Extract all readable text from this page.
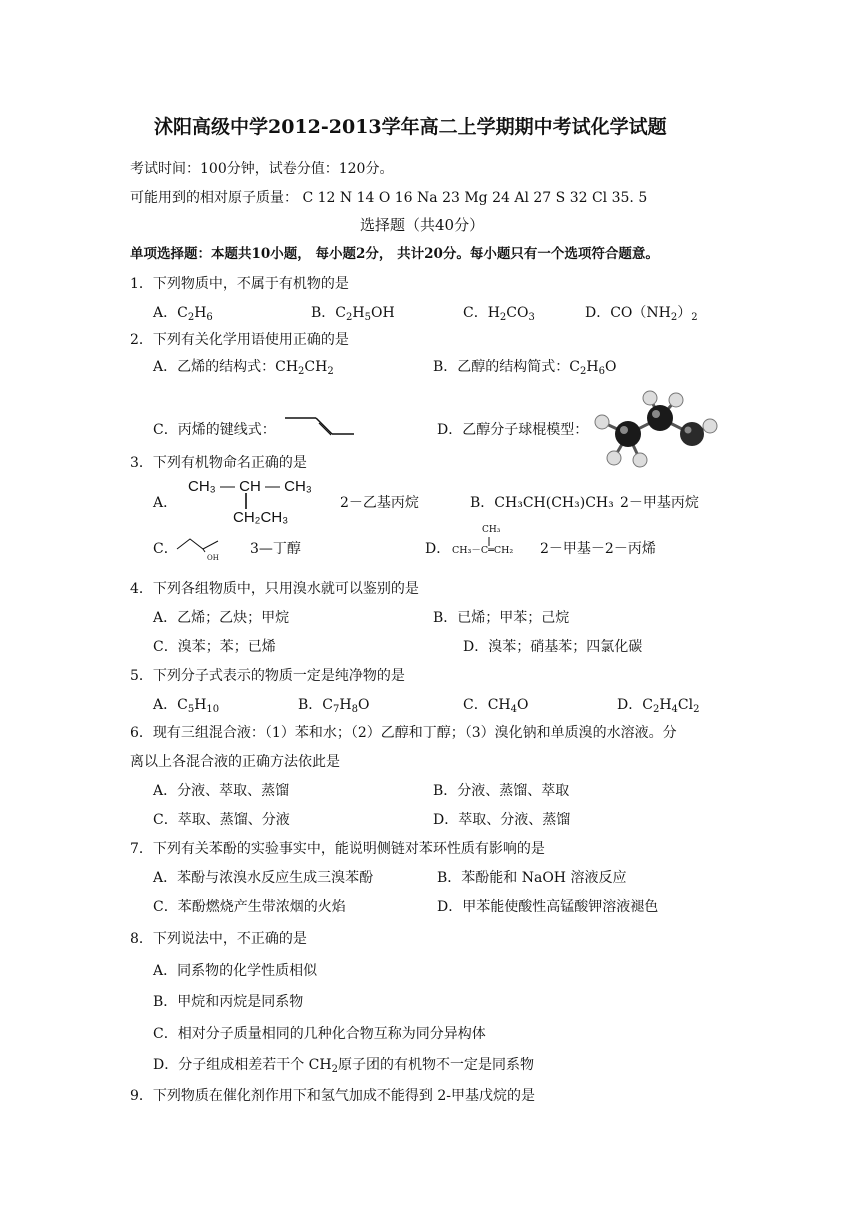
沭阳高级中学2012-2013学年高二上学期期中考试化学试题
考试时间：100分钟，试卷分值：120分。
可能用到的相对原子质量： C 12 N 14 O 16 Na 23 Mg 24 Al 27 S 32 Cl 35. 5
选择题（共40分）
单项选择题：本题共10小题， 每小题2分， 共计20分。每小题只有一个选项符合题意。
1．下列物质中，不属于有机物的是
A．$C_2H_6$	B．$C_2H_5OH$	C．$H_2CO_3$	D．$CO(NH_2)_2$
2．下列有关化学用语使用正确的是
A．乙烯的结构式：$CH_2CH_2$	B．乙醇的结构简式：$C_2H_6O$
C．丙烯的键线式：	D．乙醇分子球棍模型：
3．下列有机物命名正确的是
A．
CH₃ — CH — CH₃
CH₂CH₃
2－乙基丙烷	B．CH₃CH(CH₃)CH₃ 2－甲基丙烷
C．
OH
3—丁醇	D．
CH₃
CH₃－C═CH₂ 2－甲基－2－丙烯
4．下列各组物质中，只用溴水就可以鉴别的是
A．乙烯；乙炔；甲烷	B．已烯；甲苯；己烷
C．溴苯；苯；已烯	D．溴苯；硝基苯；四氯化碳
5．下列分子式表示的物质一定是纯净物的是
A．$C_5H_{10}$	B．$C_7H_8O$	C．$CH_4O$	D．$C_2H_4Cl_2$
6．现有三组混合液：（1）苯和水；（2）乙醇和丁醇；（3）溴化钠和单质溴的水溶液。分
离以上各混合液的正确方法依此是
A．分液、萃取、蒸馏	B．分液、蒸馏、萃取
C．萃取、蒸馏、分液	D．萃取、分液、蒸馏
7．下列有关苯酚的实验事实中，能说明侧链对苯环性质有影响的是
A．苯酚与浓溴水反应生成三溴苯酚	B．苯酚能和 NaOH 溶液反应
C．苯酚燃烧产生带浓烟的火焰	D．甲苯能使酸性高锰酸钾溶液褪色
8．下列说法中，不正确的是
A．同系物的化学性质相似
B．甲烷和丙烷是同系物
C．相对分子质量相同的几种化合物互称为同分异构体
D．分子组成相差若干个 $CH_2$原子团的有机物不一定是同系物
9．下列物质在催化剂作用下和氢气加成不能得到 2-甲基戊烷的是
